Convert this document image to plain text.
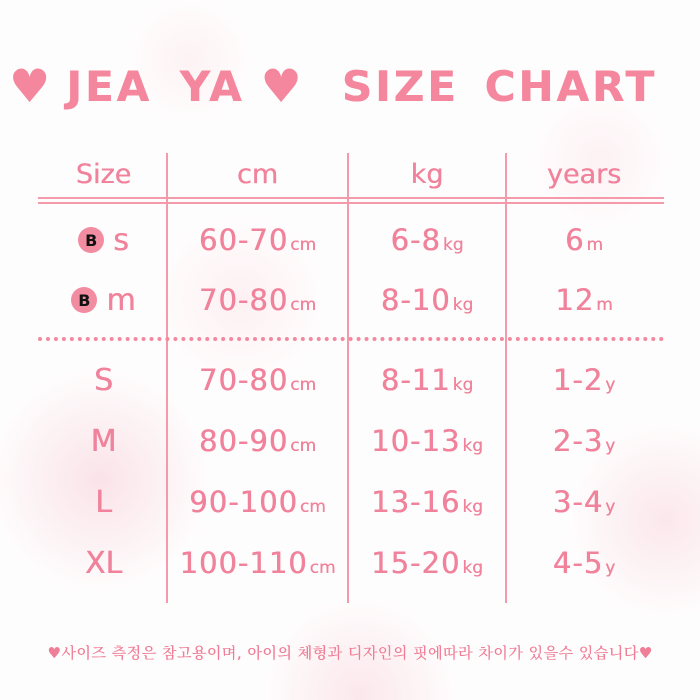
♥ JEA YA ♥ SIZE CHART
Size	cm	kg	years
B s	60-70 cm	6-8 kg	6 m
B m	70-80 cm	8-10 kg	12 m
S	70-80 cm	8-11 kg	1-2 y
M	80-90 cm	10-13 kg	2-3 y
L	90-100 cm	13-16 kg	3-4 y
XL	100-110 cm	15-20 kg	4-5 y
♥사이즈 측정은 참고용이며, 아이의 체형과 디자인의 핏에따라 차이가 있을수 있습니다♥
